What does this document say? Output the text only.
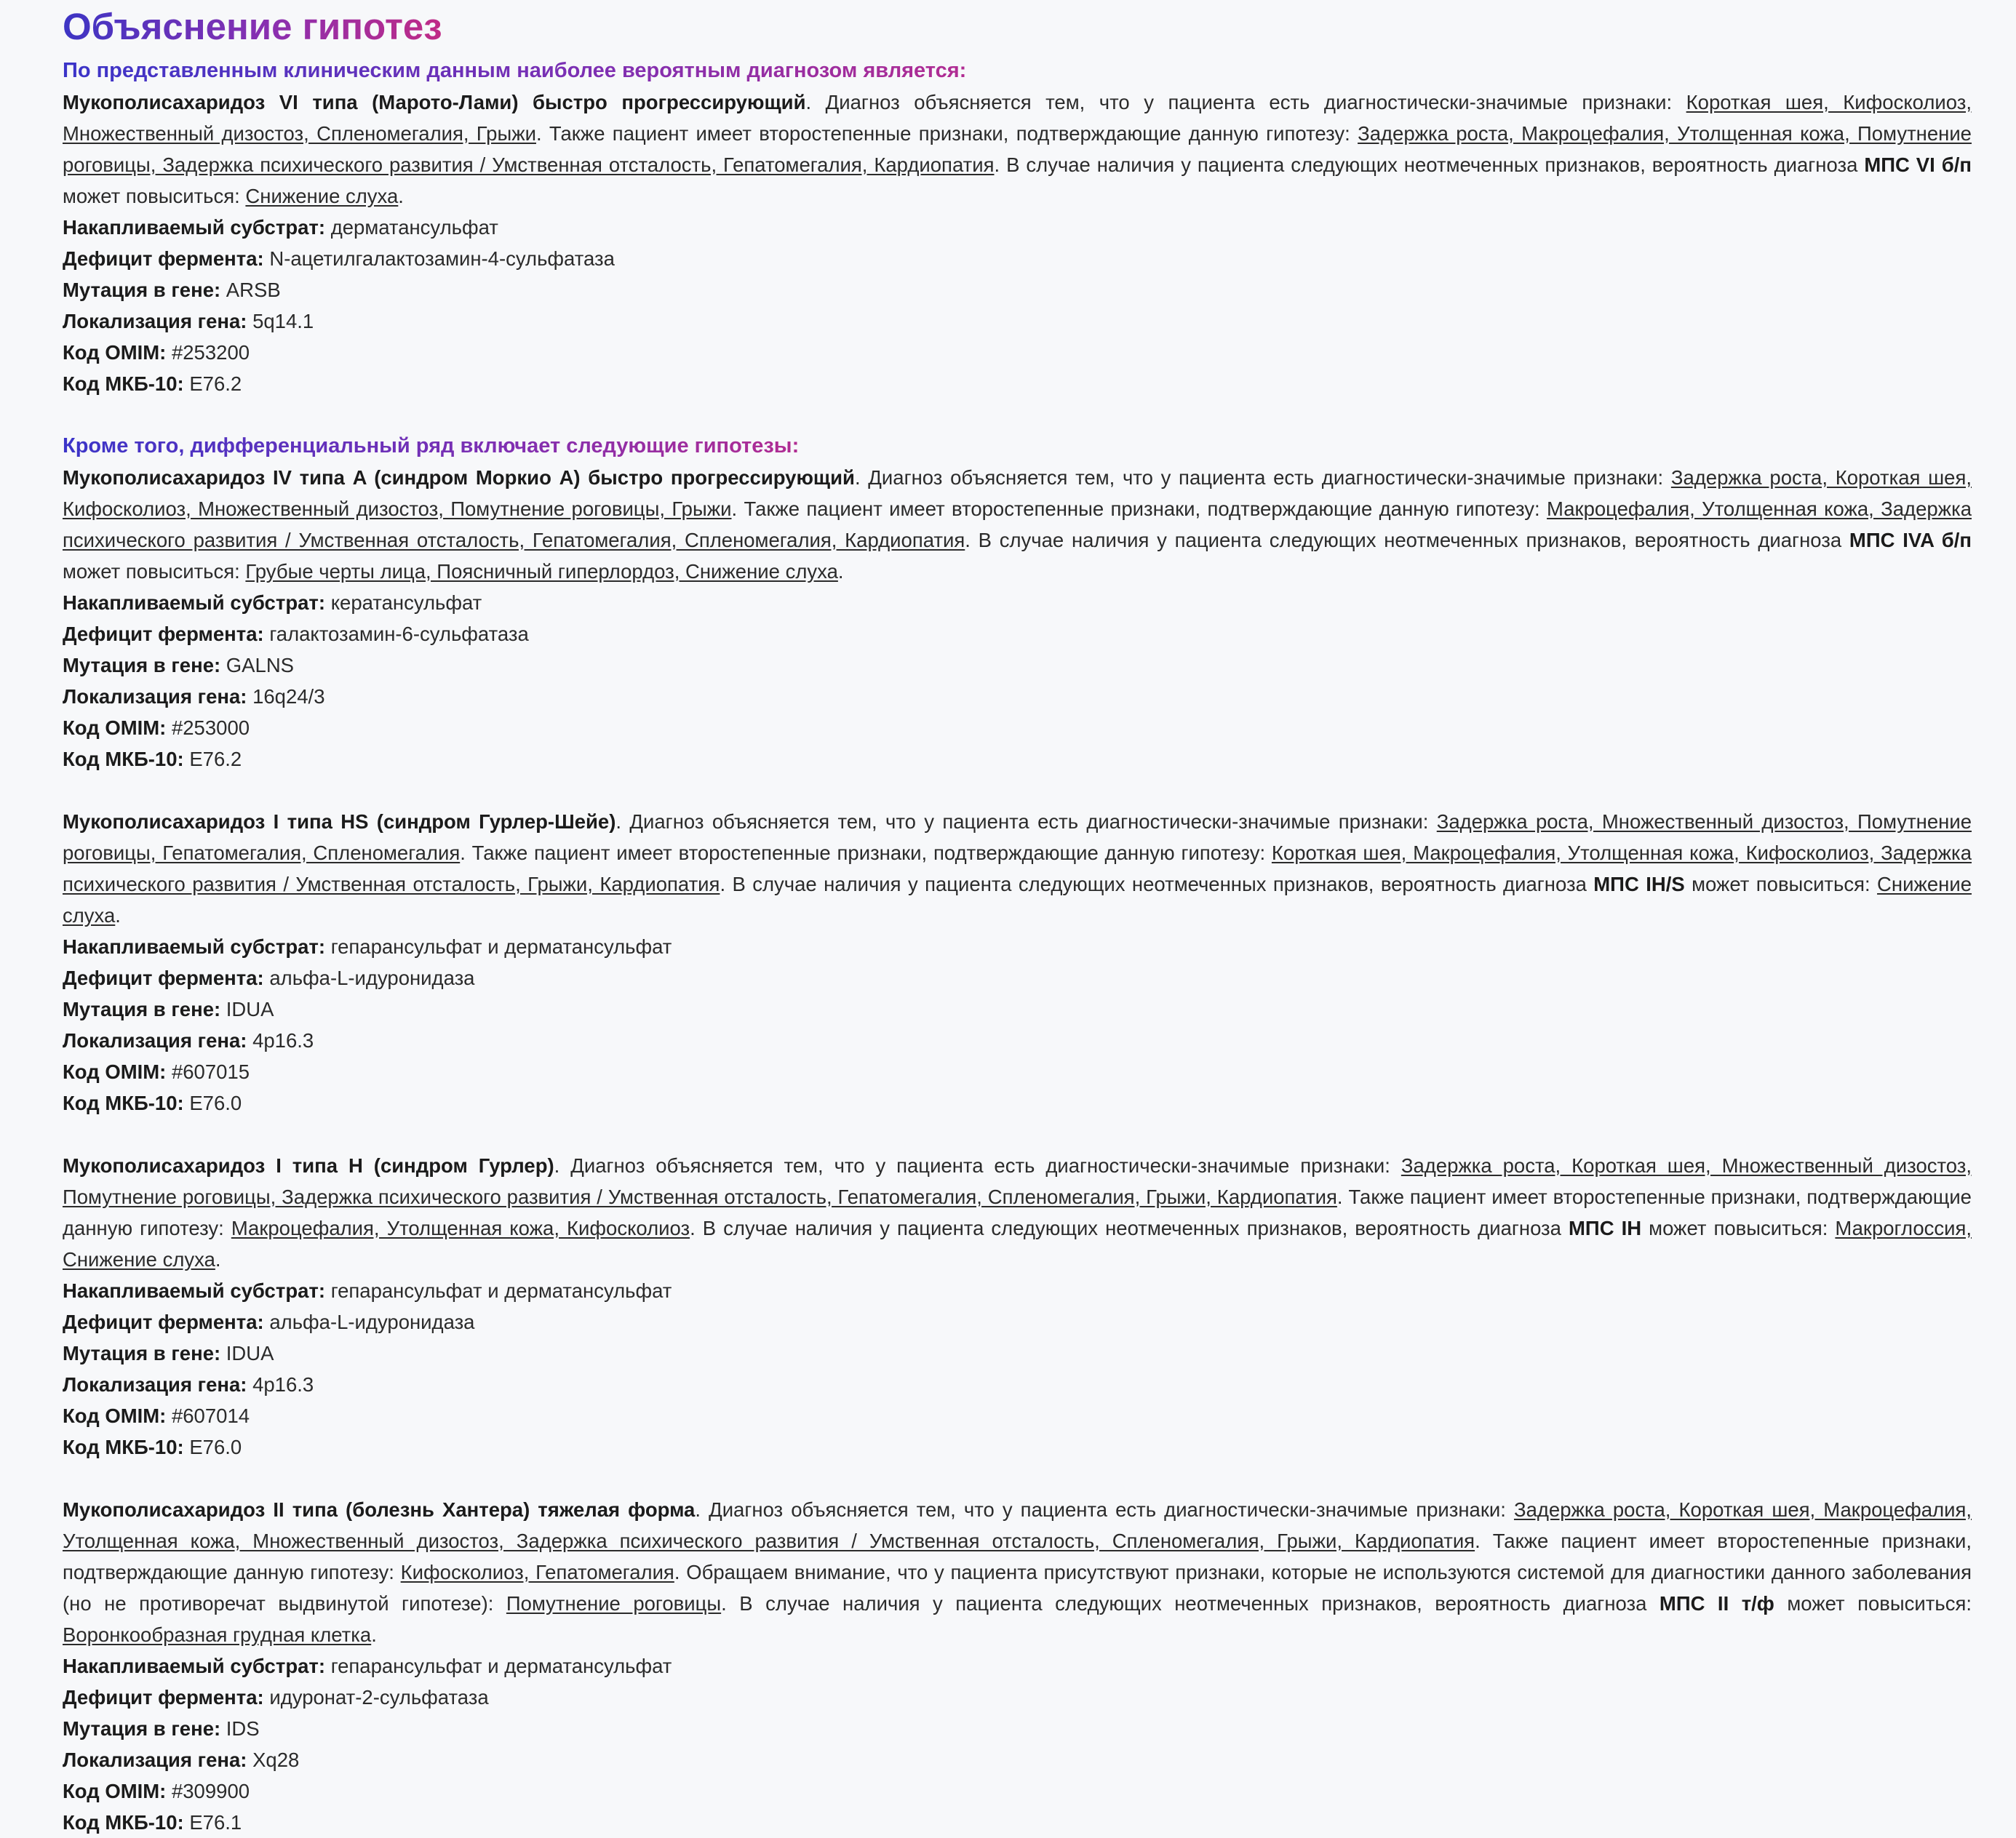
Объяснение гипотез
По представленным клиническим данным наиболее вероятным диагнозом является:

Мукополисахаридоз VI типа (Марото-Лами) быстро прогрессирующий. Диагноз объясняется тем, что у пациента есть диагностически-значимые признаки: Короткая шея, Кифосколиоз, Множественный дизостоз, Спленомегалия, Грыжи. Также пациент имеет второстепенные признаки, подтверждающие данную гипотезу: Задержка роста, Макроцефалия, Утолщенная кожа, Помутнение роговицы, Задержка психического развития / Умственная отсталость, Гепатомегалия, Кардиопатия. В случае наличия у пациента следующих неотмеченных признаков, вероятность диагноза МПС VI б/п может повыситься: Снижение слуха.

Накапливаемый субстрат: дерматансульфат
Дефицит фермента: N-ацетилгалактозамин-4-сульфатаза
Мутация в гене: ARSB
Локализация гена: 5q14.1
Код OMIM: #253200
Код МКБ-10: E76.2
Кроме того, дифференциальный ряд включает следующие гипотезы:

Мукополисахаридоз IV типа A (синдром Моркио А) быстро прогрессирующий. Диагноз объясняется тем, что у пациента есть диагностически-значимые признаки: Задержка роста, Короткая шея, Кифосколиоз, Множественный дизостоз, Помутнение роговицы, Грыжи. Также пациент имеет второстепенные признаки, подтверждающие данную гипотезу: Макроцефалия, Утолщенная кожа, Задержка психического развития / Умственная отсталость, Гепатомегалия, Спленомегалия, Кардиопатия. В случае наличия у пациента следующих неотмеченных признаков, вероятность диагноза МПС IVA б/п может повыситься: Грубые черты лица, Поясничный гиперлордоз, Снижение слуха.

Накапливаемый субстрат: кератансульфат
Дефицит фермента: галактозамин-6-сульфатаза
Мутация в гене: GALNS
Локализация гена: 16q24/3
Код OMIM: #253000
Код МКБ-10: E76.2

Мукополисахаридоз I типа HS (синдром Гурлер-Шейе). Диагноз объясняется тем, что у пациента есть диагностически-значимые признаки: Задержка роста, Множественный дизостоз, Помутнение роговицы, Гепатомегалия, Спленомегалия. Также пациент имеет второстепенные признаки, подтверждающие данную гипотезу: Короткая шея, Макроцефалия, Утолщенная кожа, Кифосколиоз, Задержка психического развития / Умственная отсталость, Грыжи, Кардиопатия. В случае наличия у пациента следующих неотмеченных признаков, вероятность диагноза МПС IH/S может повыситься: Снижение слуха.

Накапливаемый субстрат: гепарансульфат и дерматансульфат
Дефицит фермента: альфа-L-идуронидаза
Мутация в гене: IDUA
Локализация гена: 4p16.3
Код OMIM: #607015
Код МКБ-10: E76.0

Мукополисахаридоз I типа H (синдром Гурлер). Диагноз объясняется тем, что у пациента есть диагностически-значимые признаки: Задержка роста, Короткая шея, Множественный дизостоз, Помутнение роговицы, Задержка психического развития / Умственная отсталость, Гепатомегалия, Спленомегалия, Грыжи, Кардиопатия. Также пациент имеет второстепенные признаки, подтверждающие данную гипотезу: Макроцефалия, Утолщенная кожа, Кифосколиоз. В случае наличия у пациента следующих неотмеченных признаков, вероятность диагноза МПС IH может повыситься: Макроглоссия, Снижение слуха.

Накапливаемый субстрат: гепарансульфат и дерматансульфат
Дефицит фермента: альфа-L-идуронидаза
Мутация в гене: IDUA
Локализация гена: 4p16.3
Код OMIM: #607014
Код МКБ-10: E76.0

Мукополисахаридоз II типа (болезнь Хантера) тяжелая форма. Диагноз объясняется тем, что у пациента есть диагностически-значимые признаки: Задержка роста, Короткая шея, Макроцефалия, Утолщенная кожа, Множественный дизостоз, Задержка психического развития / Умственная отсталость, Спленомегалия, Грыжи, Кардиопатия. Также пациент имеет второстепенные признаки, подтверждающие данную гипотезу: Кифосколиоз, Гепатомегалия. Обращаем внимание, что у пациента присутствуют признаки, которые не используются системой для диагностики данного заболевания (но не противоречат выдвинутой гипотезе): Помутнение роговицы. В случае наличия у пациента следующих неотмеченных признаков, вероятность диагноза МПС II т/ф может повыситься: Воронкообразная грудная клетка.

Накапливаемый субстрат: гепарансульфат и дерматансульфат
Дефицит фермента: идуронат-2-сульфатаза
Мутация в гене: IDS
Локализация гена: Xq28
Код OMIM: #309900
Код МКБ-10: E76.1
